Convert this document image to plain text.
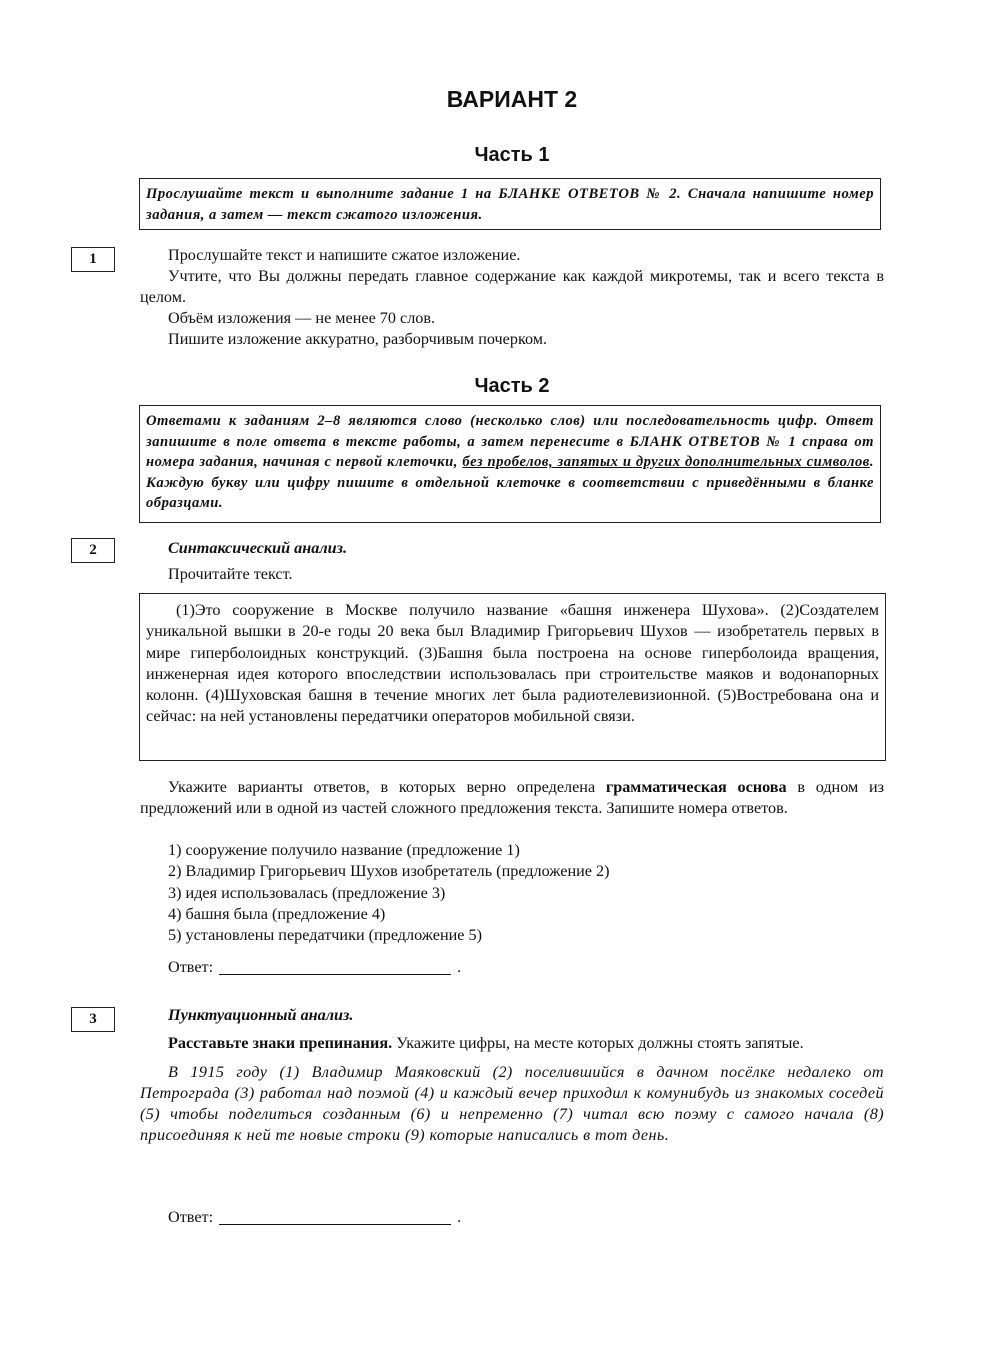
ВАРИАНТ 2
Часть 1
Прослушайте текст и выполните задание 1 на БЛАНКЕ ОТВЕТОВ № 2. Сначала напишите номер задания, а затем — текст сжатого изложения.
1	Прослушайте текст и напишите сжатое изложение.

Учтите, что Вы должны передать главное содержание как каждой микротемы, так и всего текста в целом.

Объём изложения — не менее 70 слов.

Пишите изложение аккуратно, разборчивым почерком.

Часть 2
Ответами к заданиям 2–8 являются слово (несколько слов) или последовательность цифр. Ответ запишите в поле ответа в тексте работы, а затем перенесите в БЛАНК ОТВЕТОВ № 1 справа от номера задания, начиная с первой клеточки, без пробелов, запятых и других дополнительных символов. Каждую букву или цифру пишите в отдельной клеточке в соответствии с приведёнными в бланке образцами.
2	Синтаксический анализ.

Прочитайте текст.

(1)Это сооружение в Москве получило название «башня инженера Шухова». (2)Создателем уникальной вышки в 20-е годы 20 века был Владимир Григорьевич Шухов — изобретатель первых в мире гиперболоидных конструкций. (3)Башня была построена на основе гиперболоида вращения, инженерная идея которого впоследствии использовалась при строительстве маяков и водонапорных колонн. (4)Шуховская башня в течение многих лет была радиотелевизионной. (5)Востребована она и сейчас: на ней установлены передатчики операторов мобильной связи.

Укажите варианты ответов, в которых верно определена грамматическая основа в одном из предложений или в одной из частей сложного предложения текста. Запишите номера ответов.

1) сооружение получило название (предложение 1)
2) Владимир Григорьевич Шухов изобретатель (предложение 2)
3) идея использовалась (предложение 3)
4) башня была (предложение 4)
5) установлены передатчики (предложение 5)
Ответ:	.
3	Пунктуационный анализ.

Расставьте знаки препинания. Укажите цифры, на месте которых должны стоять запятые.

В 1915 году (1) Владимир Маяковский (2) поселившийся в дачном посёлке недалеко от Петрограда (3) работал над поэмой (4) и каждый вечер приходил к комунибудь из знакомых соседей (5) чтобы поделиться созданным (6) и непременно (7) читал всю поэму с самого начала (8) присоединяя к ней те новые строки (9) которые написались в тот день.

Ответ:	.
